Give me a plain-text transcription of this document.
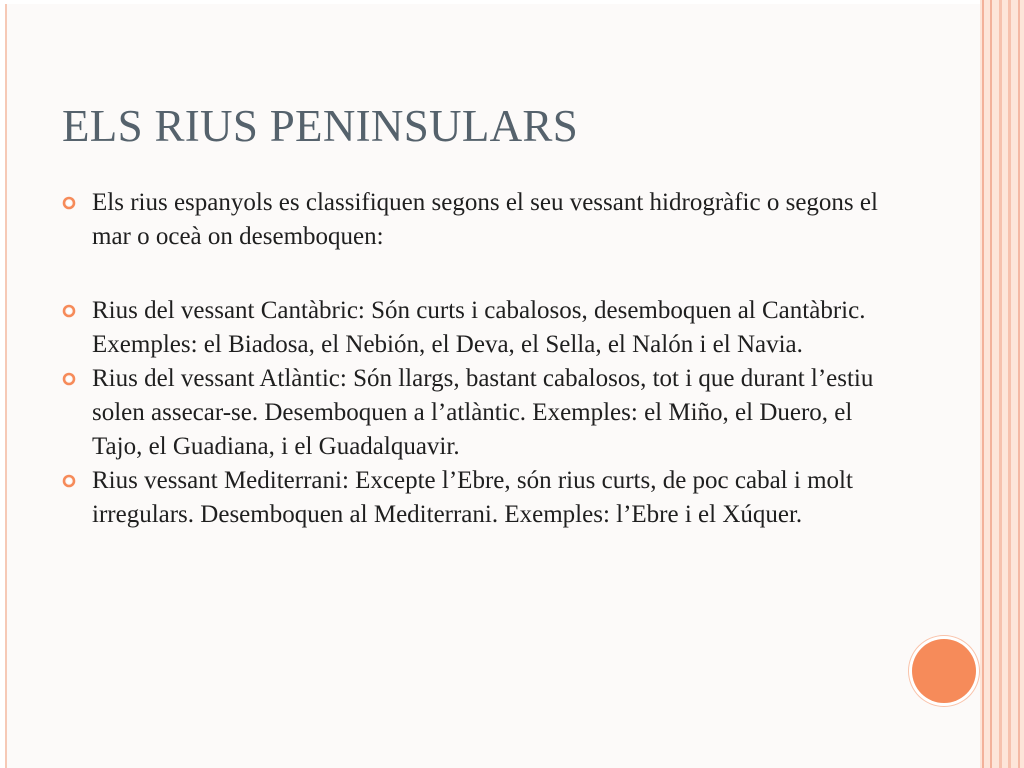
ELS RIUS PENINSULARS
Els rius espanyols es classifiquen segons el seu vessant hidrogràfic o segons el mar o oceà on desemboquen:
Rius del vessant Cantàbric: Són curts i cabalosos, desemboquen al Cantàbric. Exemples: el Biadosa, el Nebión, el Deva, el Sella, el Nalón i el Navia.
Rius del vessant Atlàntic: Són llargs, bastant cabalosos, tot i que durant l’estiu solen assecar-se. Desemboquen a l’atlàntic. Exemples: el Miño, el Duero, el Tajo, el Guadiana, i el Guadalquavir.
Rius vessant Mediterrani: Excepte l’Ebre, són rius curts, de poc cabal i molt irregulars. Desemboquen al Mediterrani. Exemples: l’Ebre i el Xúquer.
